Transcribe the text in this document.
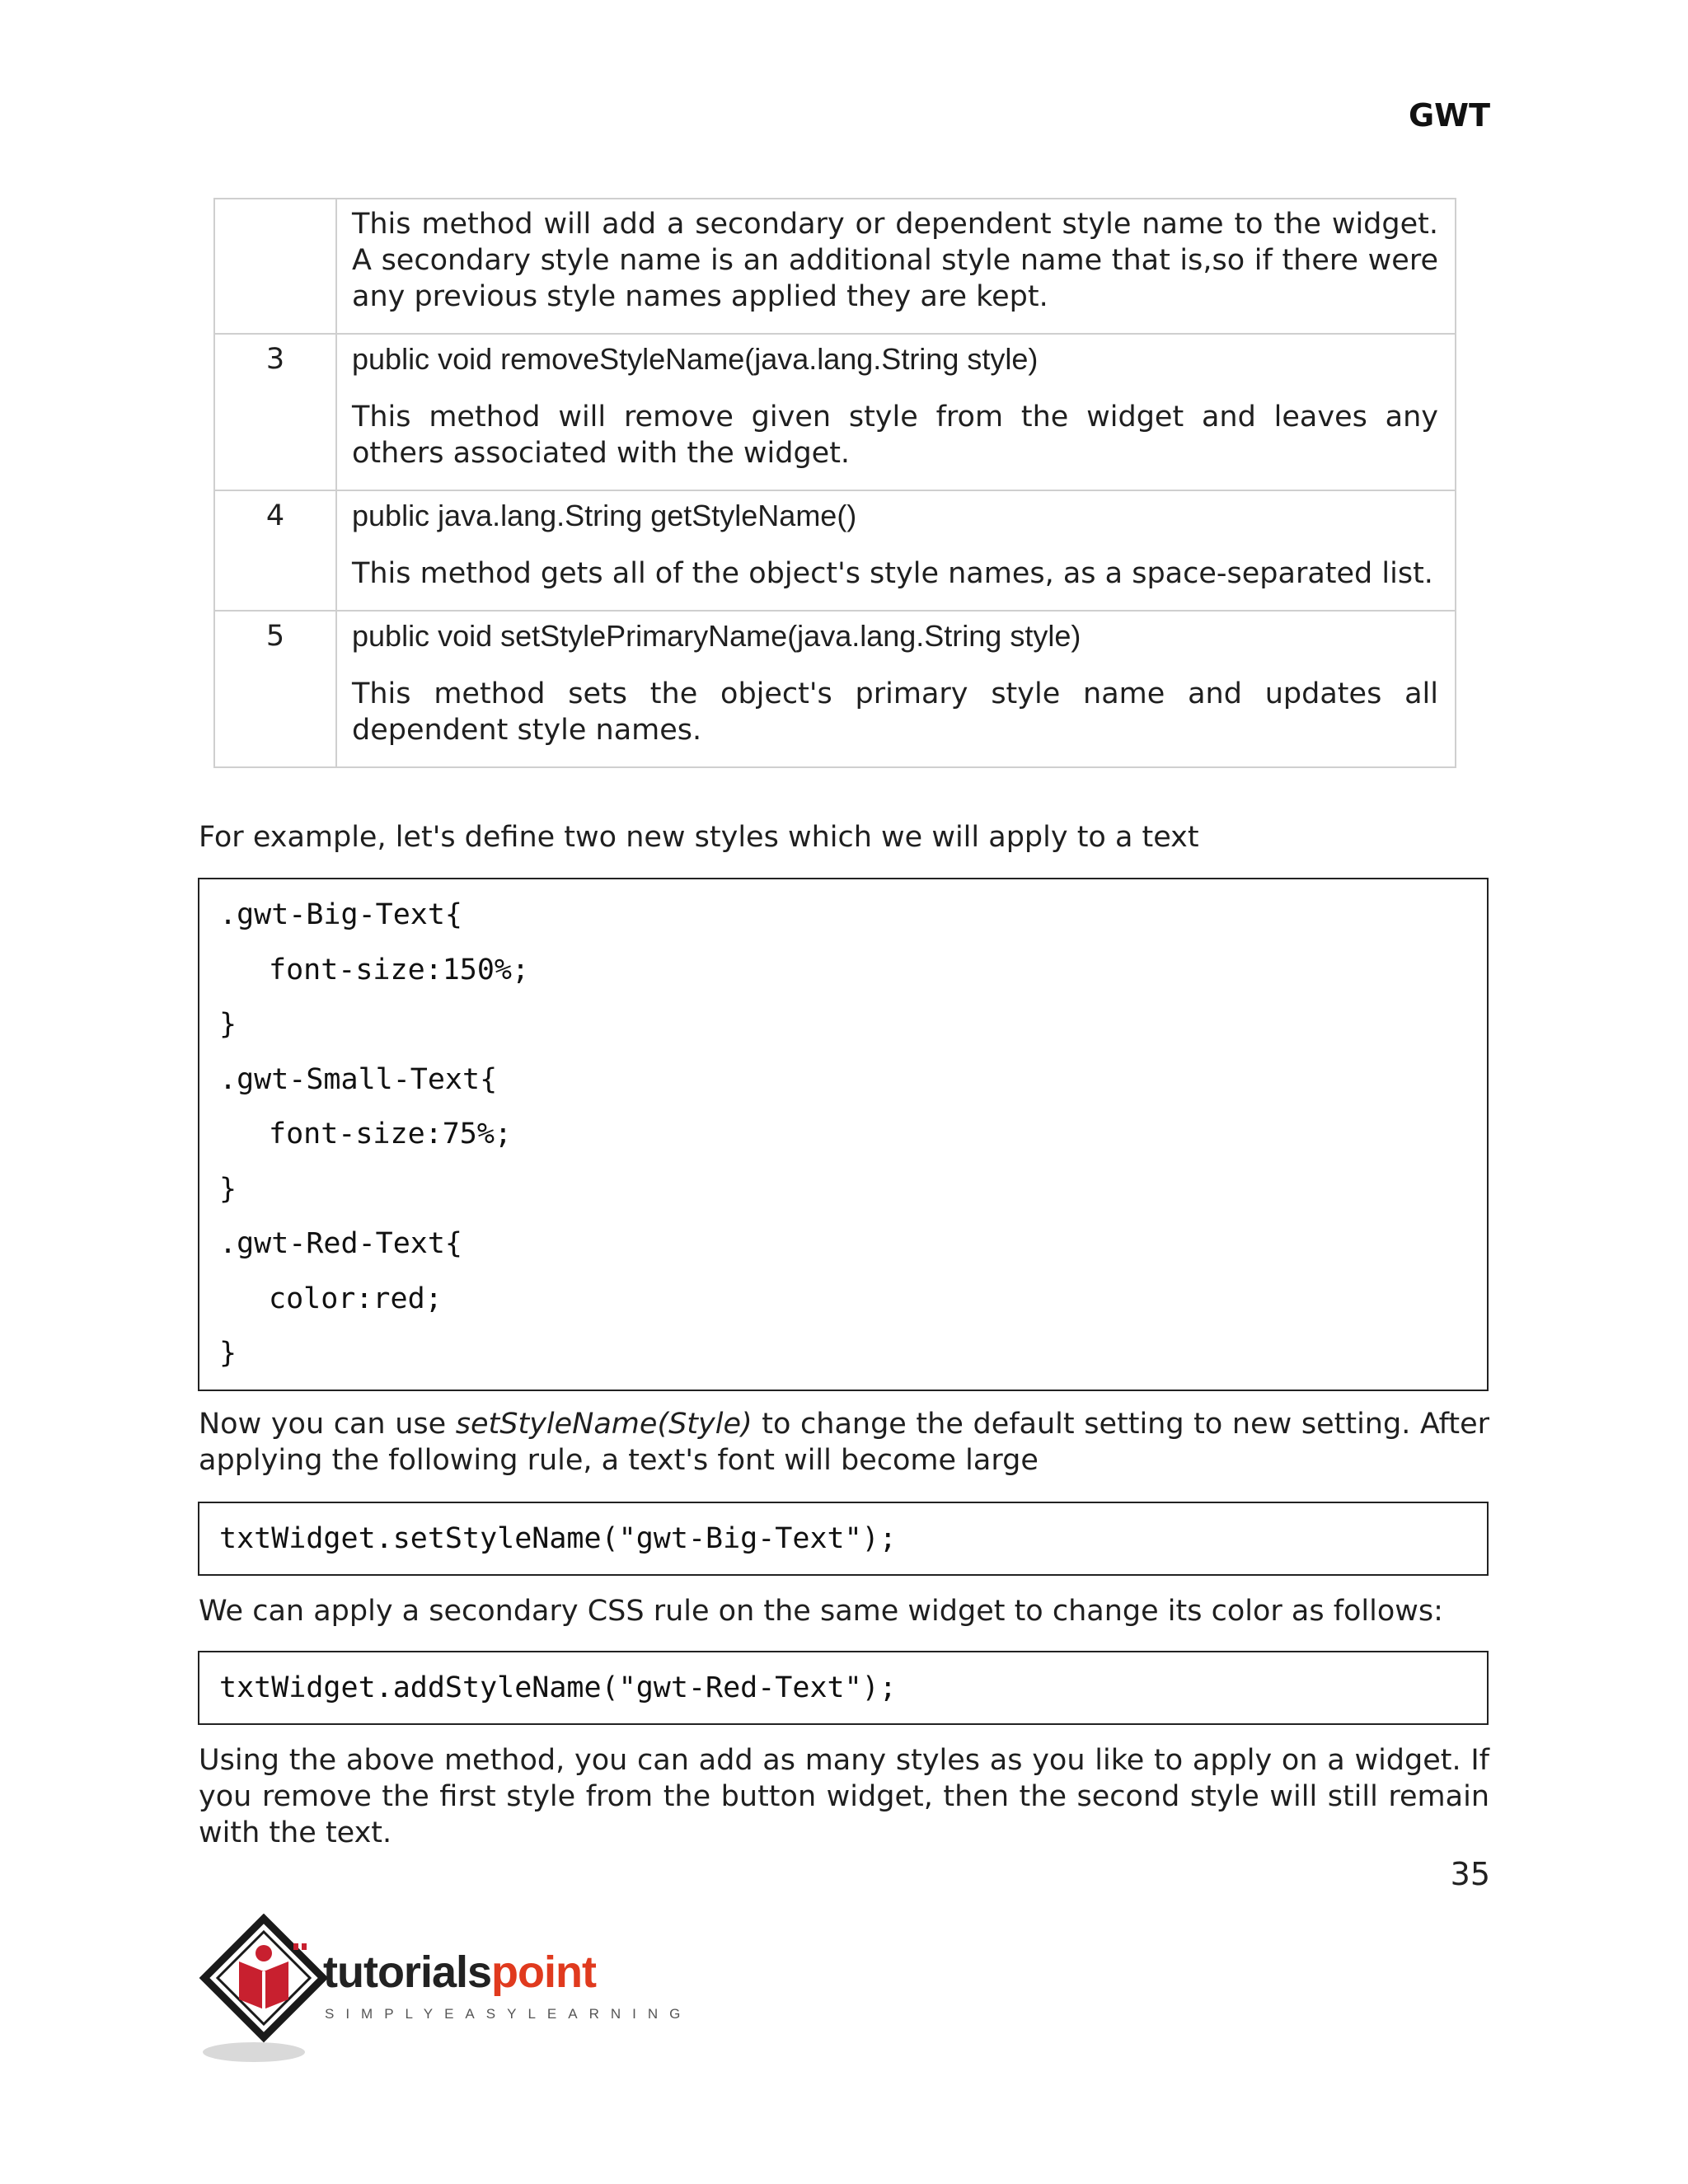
GWT

	This method will add a secondary or dependent style name to the widget. A secondary style name is an additional style name that is,so if there were any previous style names applied they are kept.

3	public void removeStyleName(java.lang.String style)
This method will remove given style from the widget and leaves any others associated with the widget.

4	public java.lang.String getStyleName()
This method gets all of the object's style names, as a space-separated list.

5	public void setStylePrimaryName(java.lang.String style)
This method sets the object's primary style name and updates all dependent style names.

For example, let's define two new styles which we will apply to a text

.gwt-Big-Text{
font-size:150%;
}
.gwt-Small-Text{
font-size:75%;
}
.gwt-Red-Text{
color:red;
}

Now you can use setStyleName(Style) to change the default setting to new setting. After applying the following rule, a text's font will become large

txtWidget.setStyleName("gwt-Big-Text");

We can apply a secondary CSS rule on the same widget to change its color as follows:

txtWidget.addStyleName("gwt-Red-Text");

Using the above method, you can add as many styles as you like to apply on a widget. If you remove the first style from the button widget, then the second style will still remain with the text.

35
tutorialspoint
SIMPLYEASYLEARNING
